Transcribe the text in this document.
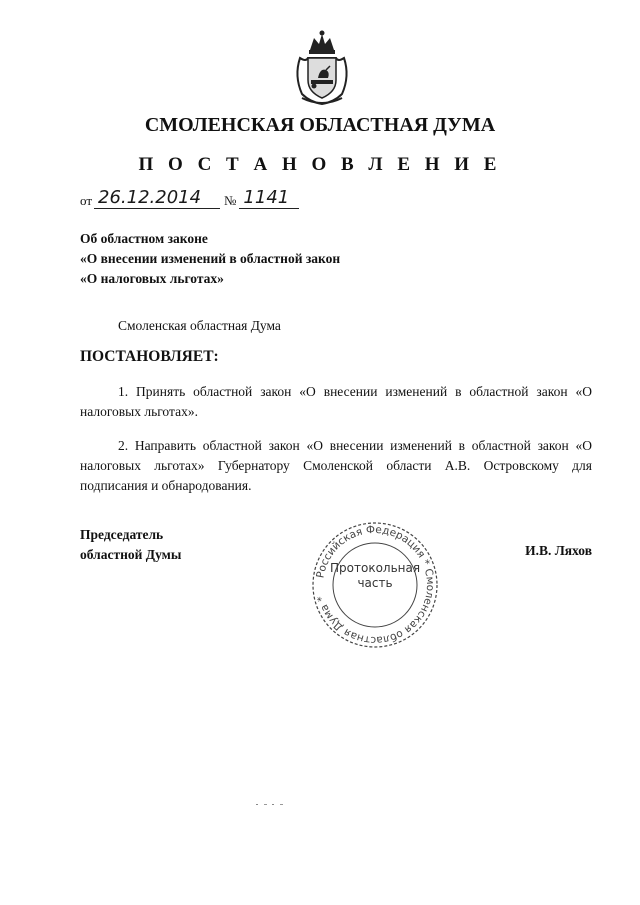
СМОЛЕНСКАЯ ОБЛАСТНАЯ ДУМА
П О С Т А Н О В Л Е Н И Е
от 26.12.2014	№ 1141
Об областном законе
«О внесении изменений в областной закон
«О налоговых льготах»
Смоленская областная Дума
ПОСТАНОВЛЯЕТ:
1. Принять областной закон «О внесении изменений в областной закон «О налоговых льготах».
2. Направить областной закон «О внесении изменений в областной закон «О налоговых льготах» Губернатору Смоленской области А.В. Островскому для подписания и обнародования.
Председатель
областной Думы	И.В. Ляхов
Российская Федерация * Смоленская областная Дума *
Протокольная
часть
